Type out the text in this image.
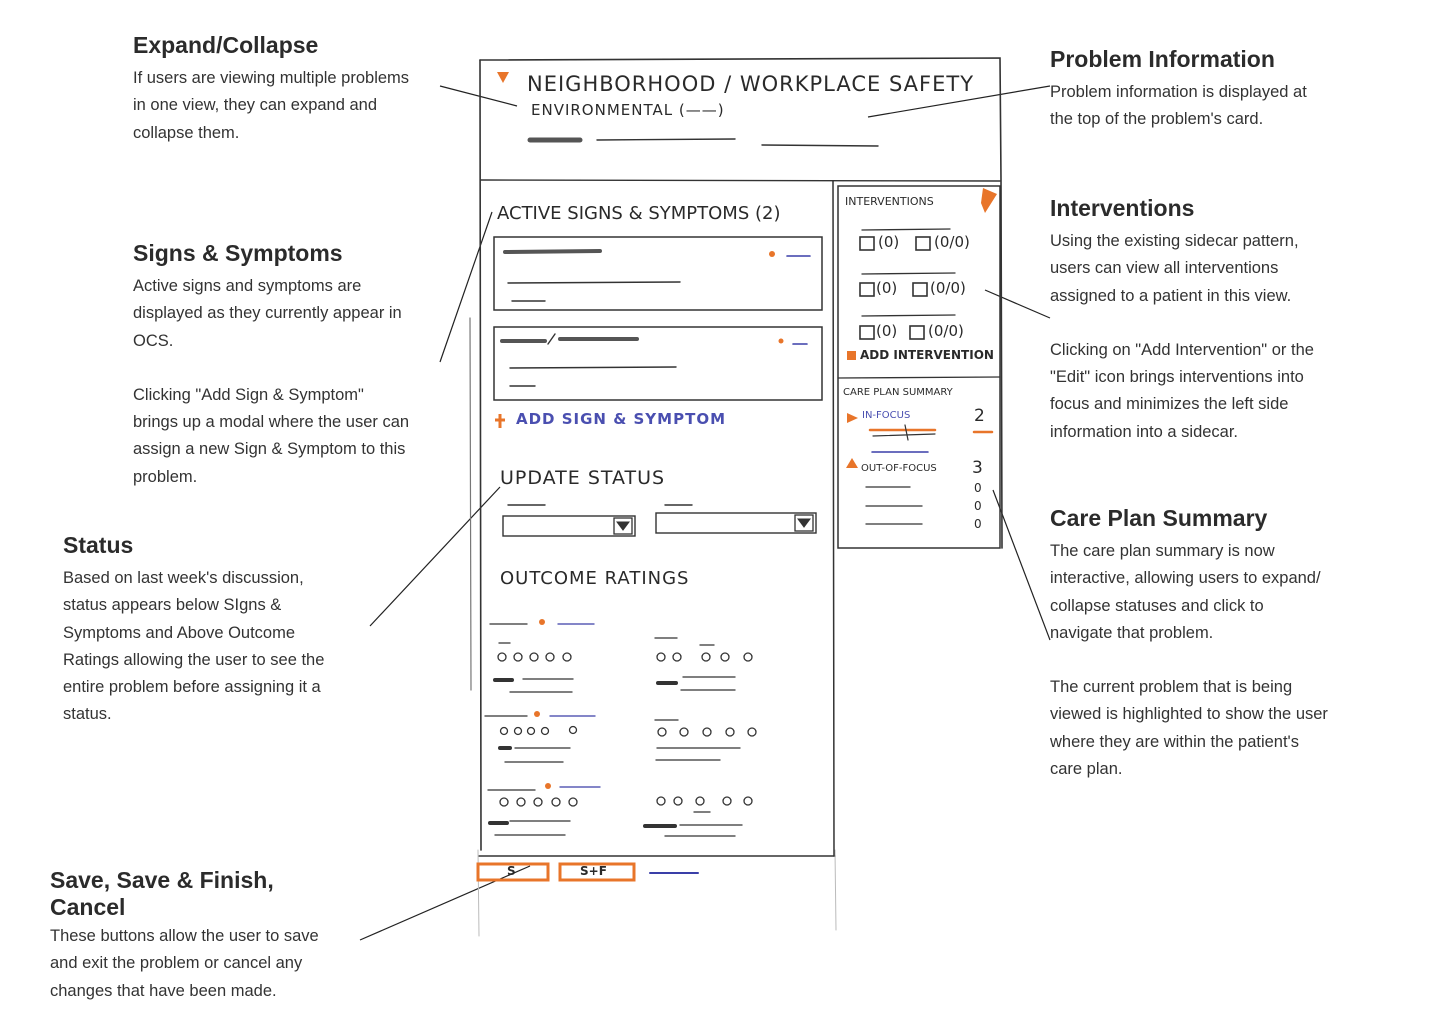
Expand/Collapse

If users are viewing multiple problems
in one view, they can expand and
collapse them.

Signs & Symptoms

Active signs and symptoms are
displayed as they currently appear in
OCS.

Clicking "Add Sign & Symptom"
brings up a modal where the user can
assign a new Sign & Symptom to this
problem.

Status

Based on last week's discussion,
status appears below SIgns &
Symptoms and Above Outcome
Ratings allowing the user to see the
entire problem before assigning it a
status.

Save, Save & Finish,
Cancel

These buttons allow the user to save
and exit the problem or cancel any
changes that have been made.

Problem Information

Problem information is displayed at
the top of the problem's card.

Interventions

Using the existing sidecar pattern,
users can view all interventions
assigned to a patient in this view.

Clicking on "Add Intervention" or the
"Edit" icon brings interventions into
focus and minimizes the left side
information into a sidecar.

Care Plan Summary

The care plan summary is now
interactive, allowing users to expand/
collapse statuses and click to
navigate that problem.

The current problem that is being
viewed is highlighted to show the user
where they are within the patient's
care plan.

NEIGHBORHOOD / WORKPLACE SAFETY
ENVIRONMENTAL (——)
ACTIVE SIGNS & SYMPTOMS (2)
ADD SIGN & SYMPTOM
UPDATE STATUS
OUTCOME RATINGS
INTERVENTIONS
(0) (0/0)
(0) (0/0)
(0) (0/0)
ADD INTERVENTION
CARE PLAN SUMMARY
IN-FOCUS	2
OUT-OF-FOCUS 3
0
0
0
S	S+F
